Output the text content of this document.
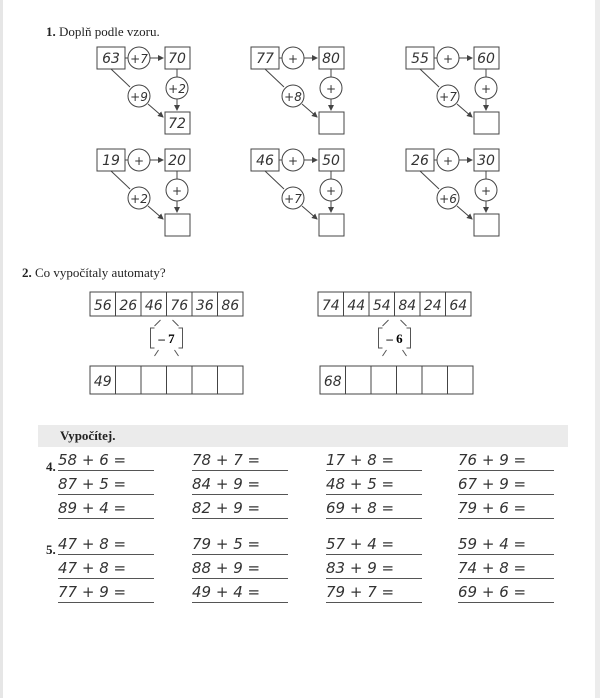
1. Doplň podle vzoru.
63 +7 70
+2
+9
72
77 + 80
+
+8
55 + 60
+
+7
19 + 20
+
+2
46 + 50
+
+7
26 + 30
+
+6
2. Co vypočítaly automaty?
56 26 46 76 36 86
– 7
49
74 44 54 84 24 64
– 6
68
Vypočítej.
4.
5.
58 + 6 =
87 + 5 =
89 + 4 =
78 + 7 =
84 + 9 =
82 + 9 =
17 + 8 =
48 + 5 =
69 + 8 =
76 + 9 =
67 + 9 =
79 + 6 =
47 + 8 =
47 + 8 =
77 + 9 =
79 + 5 =
88 + 9 =
49 + 4 =
57 + 4 =
83 + 9 =
79 + 7 =
59 + 4 =
74 + 8 =
69 + 6 =
